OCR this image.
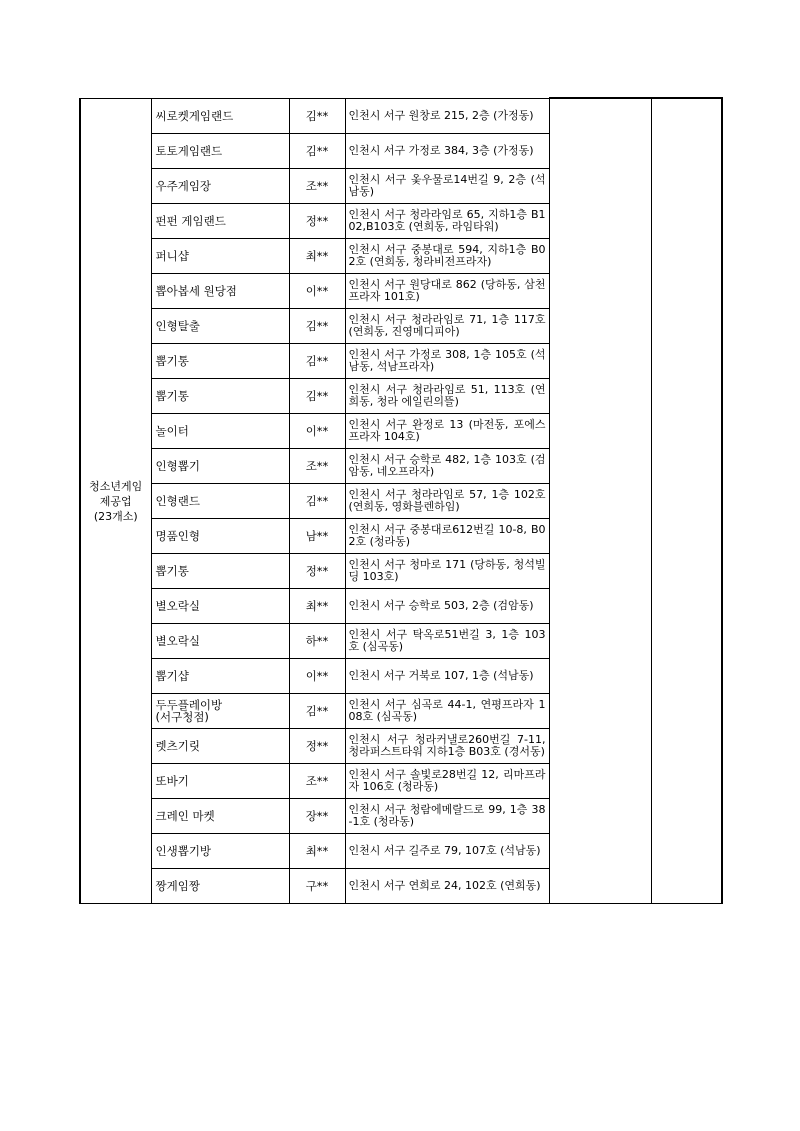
청소년게임
제공업
(23개소)	씨로켓게임랜드	김**	인천시 서구 원창로 215, 2층 (가정동)		
	토토게임랜드	김**	인천시 서구 가정로 384, 3층 (가정동)		
	우주게임장	조**	인천시 서구 옻우물로14번길 9, 2층 (석남동)		
	펀펀 게임랜드	정**	인천시 서구 청라라임로 65, 지하1층 B102,B103호 (연희동, 라임타워)		
	퍼니샵	최**	인천시 서구 중봉대로 594, 지하1층 B02호 (연희동, 청라비전프라자)		
	뽑아봅세 원당점	이**	인천시 서구 원당대로 862 (당하동, 삼천프라자 101호)		
	인형탈출	김**	인천시 서구 청라라임로 71, 1층 117호 (연희동, 진영메디피아)		
	뽑기통	김**	인천시 서구 가정로 308, 1층 105호 (석남동, 석남프라자)		
	뽑기통	김**	인천시 서구 청라라임로 51, 113호 (연희동, 청라 에일린의뜰)		
	놀이터	이**	인천시 서구 완정로 13 (마전동, 포에스프라자 104호)		
	인형뽑기	조**	인천시 서구 승학로 482, 1층 103호 (검암동, 네오프라자)		
	인형랜드	김**	인천시 서구 청라라임로 57, 1층 102호 (연희동, 영화블렌하임)		
	명품인형	남**	인천시 서구 중봉대로612번길 10-8, B02호 (청라동)		
	뽑기통	정**	인천시 서구 청마로 171 (당하동, 청석빌딩 103호)		
	별오락실	최**	인천시 서구 승학로 503, 2층 (검암동)		
	별오락실	하**	인천시 서구 탁옥로51번길 3, 1층 103호 (심곡동)		
	뽑기샵	이**	인천시 서구 거북로 107, 1층 (석남동)		
	두두플레이방
(서구청점)	김**	인천시 서구 심곡로 44-1, 연평프라자 108호 (심곡동)		
	렛츠기릿	정**	인천시 서구 청라커낼로260번길 7-11, 청라퍼스트타워 지하1층 B03호 (경서동)		
	또바기	조**	인천시 서구 솔빛로28번길 12, 리마프라자 106호 (청라동)		
	크레인 마켓	장**	인천시 서구 청람에메랄드로 99, 1층 38-1호 (청라동)		
	인생뽑기방	최**	인천시 서구 길주로 79, 107호 (석남동)		
	짱게임짱	구**	인천시 서구 연희로 24, 102호 (연희동)		
